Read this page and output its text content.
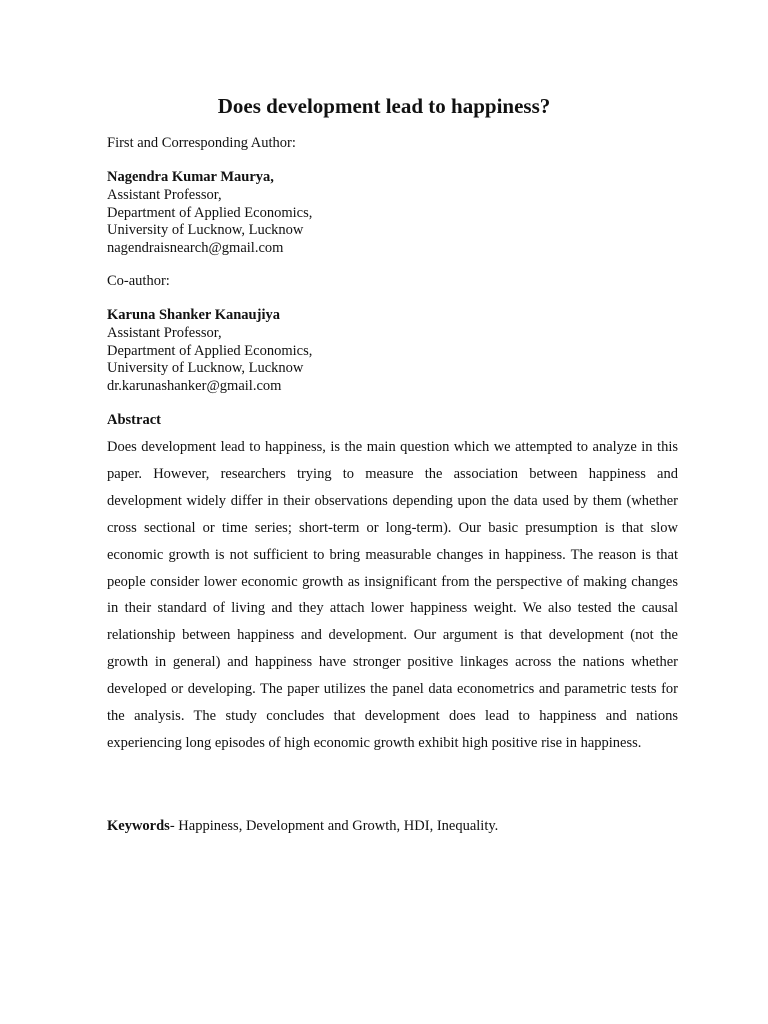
Does development lead to happiness?
First and Corresponding Author:
Nagendra Kumar Maurya,
Assistant Professor,
Department of Applied Economics,
University of Lucknow, Lucknow
nagendraisnearch@gmail.com
Co-author:
Karuna Shanker Kanaujiya
Assistant Professor,
Department of Applied Economics,
University of Lucknow, Lucknow
dr.karunashanker@gmail.com
Abstract
Does development lead to happiness, is the main question which we attempted to analyze in this paper. However, researchers trying to measure the association between happiness and development widely differ in their observations depending upon the data used by them (whether cross sectional or time series; short-term or long-term). Our basic presumption is that slow economic growth is not sufficient to bring measurable changes in happiness. The reason is that people consider lower economic growth as insignificant from the perspective of making changes in their standard of living and they attach lower happiness weight. We also tested the causal relationship between happiness and development. Our argument is that development (not the growth in general) and happiness have stronger positive linkages across the nations whether developed or developing. The paper utilizes the panel data econometrics and parametric tests for the analysis. The study concludes that development does lead to happiness and nations experiencing long episodes of high economic growth exhibit high positive rise in happiness.
Keywords- Happiness, Development and Growth, HDI, Inequality.
